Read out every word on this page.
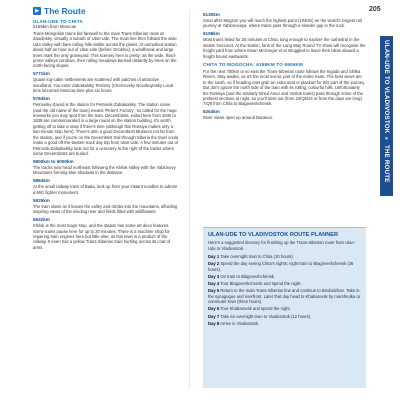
205
ULAN-UDE TO VLADIVOSTOK
●
THE ROUTE
▶ The Route
ULAN-UDE TO CHITA
5165km from Moscow

Trans-Mongolian trains bid farewell to the main Trans-Siberian route at Zaudinsky, virtually a suburb of Ulan-Ude. The main line then follows the wide Uda Valley with bare rolling hills visible across the plains. At unmarked station about half an hour out of Ulan-Ude (before Onokhoi), a windbreak and large trees mark the only graveyard. This scenery here is pretty: as the wide, flood-prone valleys continue, their rolling meadows backed distantly by trees on the north-facing slopes.

5771km

Quaint log-cabin settlements are scattered with patches of attractive woodland. You enter Zabaikalsky Territory (Chernovsky Novokuyinsky Local time becomes Moscow time plus six hours.

5784km

Petrovsky-Zavod is the station for Petrovsk-Zabaikalsky. The station name (and the old name of the town) means 'Peter's Factory', so called for the huge ironworks you may spot from the train. Decembrists, exiled here from 1830 to 1839 are commemorated in a large mural on the station building. It's worth getting off to take a snap if there's time (although this Rossiya makes only a two-minute stop here). There's also a good Decembrist Museum not far from the station, and if you're on the Decembrist trail through Siberia the town could make a good off-the-beaten-track day trip from Ulan-Ude. A few minutes out of Petrovsk-Zabaikalsky look out for a cemetery to the right of the tracks where some Decembrists are buried.

5800km to 6000km

The tracks now head northeast following the Khilok Valley with the Yablonovy Mountains forming blue shadows in the distance.

5884km

At the small railway town of Bada, look up from your instant noodles to admire a MiG fighter monument.

5925km

The train slows as it leaves the valley and climbs into the mountains, affording inspiring views of the winding river and fields filled with wildflowers.

5932km

Khilok is the most major stop, and the station has some art deco features. Some trains pause here for up to 20 minutes. There is a machine shop for repairing train engines here but little else, as this town is a product of the railway. It even has a yellow Trans-Siberian train hurtling across its coat of arms.

6130km

Soon after Mogzon you will reach the highest point (1040m) on the world's longest rail journey at Yablonovaya, where trains pass through a slender gap in the rock.

6198km

Most trains listed for 25 minutes at Chita, long enough to explore the cathedral in the station forecourt. At the station, fans of the Long Way Round TV show will recognise the freight yard from where Ewan McGregor et al struggled to leave their bikes aboard a freight bound eastwards.

CHITA TO MOGOCHA: 6198KM TO 6906KM

For the next 700km or so east the Trans-Siberian route follows the Ingoda and Shilka Rivers. Stay awake, as it's the most scenic part of the entire route. The best views are to the south, so if heading east grab an extra seat or plackart for this part of the journey. But don't ignore the north side of the train with its rolling, colourful hills. Unfortunately the Rossiya (and the similarly timed Amur and Vostok trains) pass through some of the prettiest sections at night, so you'll miss out (from 23/Q5/24 or from the days are long) 7/Q8 from Chita to Blagoveshchensk.

6264km

River views open up around Darasun.

ULAN-UDE TO VLADIVOSTOK ROUTE PLANNER
Here's a suggested itinerary for finishing up the Trans-Siberian route from Ulan-Ude to Vladivostok.
Day 1 Take overnight train to Chita (10 hours).
Day 2 Spend the day seeing Chita's sights; night train to Blagoveshchensk (36 hours).
Day 3 On train to Blagoveshchensk.
Day 4 Tour Blagoveshchensk and spend the night.
Day 5 Return to the main Trans-Siberian line and continue to Birobidzhan. Take in the synagogue and riverfront. Later that day head to Khabarovsk by marshrutka or commuter train (three hours).
Day 6 Tour Khabarovsk and spend the night.
Day 7 Take an overnight train to Vladivostok (12 hours).
Day 8 Arrive in Vladivostok.
